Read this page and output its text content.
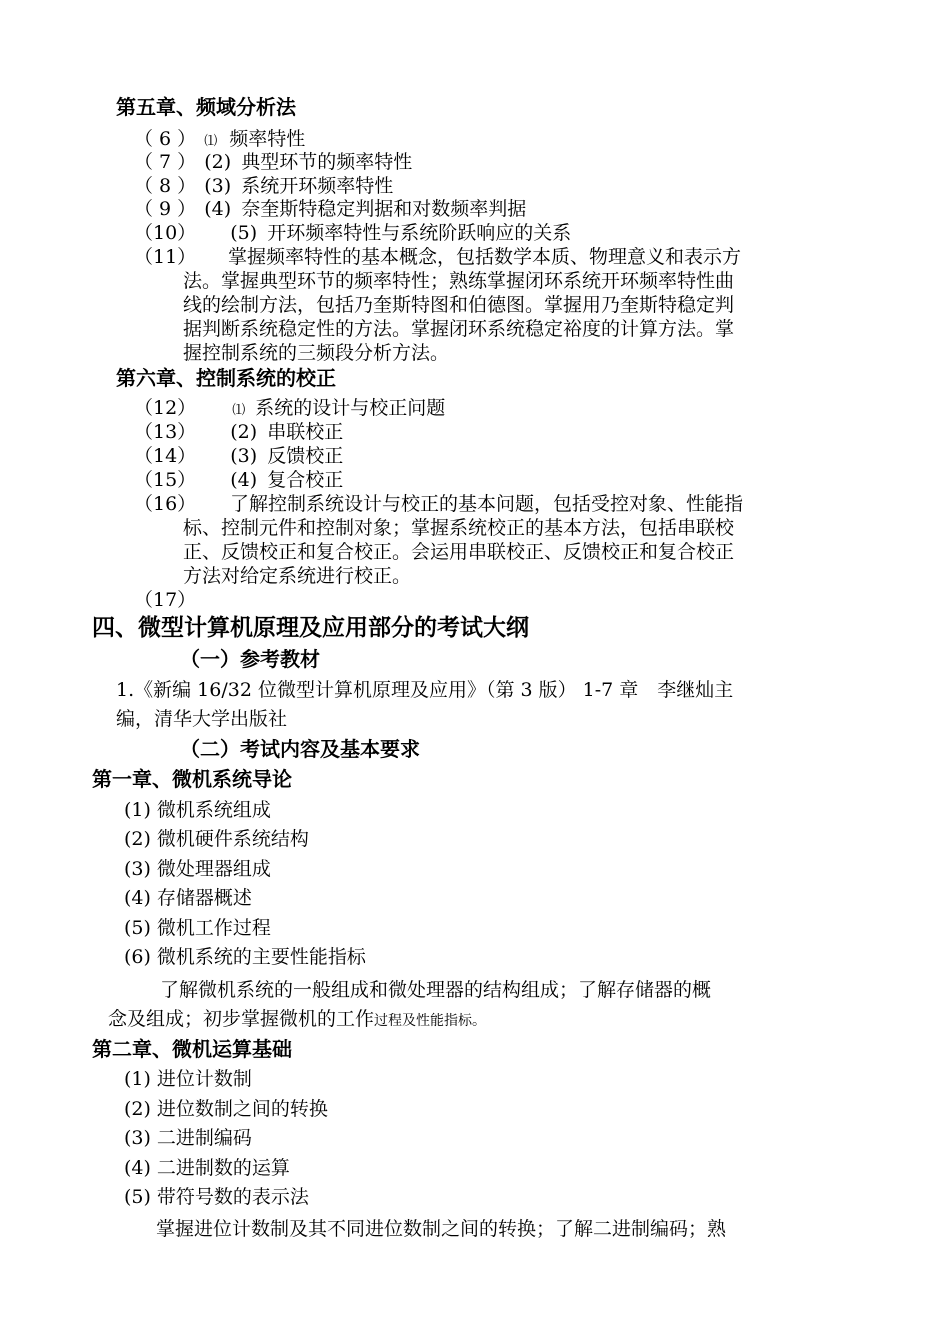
第五章、频域分析法
（ 6 ） ⑴ 频率特性
（ 7 ） (2) 典型环节的频率特性
（ 8 ） (3) 系统开环频率特性
（ 9 ） (4) 奈奎斯特稳定判据和对数频率判据
（10） (5) 开环频率特性与系统阶跃响应的关系
（11） 掌握频率特性的基本概念，包括数学本质、物理意义和表示方
法。掌握典型环节的频率特性；熟练掌握闭环系统开环频率特性曲
线的绘制方法，包括乃奎斯特图和伯德图。掌握用乃奎斯特稳定判
据判断系统稳定性的方法。掌握闭环系统稳定裕度的计算方法。掌
握控制系统的三频段分析方法。
第六章、控制系统的校正
（12）	⑴ 系统的设计与校正问题
（13） (2) 串联校正
（14） (3) 反馈校正
（15） (4) 复合校正
（16） 了解控制系统设计与校正的基本问题，包括受控对象、性能指
标、控制元件和控制对象；掌握系统校正的基本方法，包括串联校
正、反馈校正和复合校正。会运用串联校正、反馈校正和复合校正
方法对给定系统进行校正。
（17）
四、微型计算机原理及应用部分的考试大纲
（一）参考教材
1.《新编 16/32 位微型计算机原理及应用》（第 3 版） 1-7 章　李继灿主
编，清华大学出版社
（二）考试内容及基本要求
第一章、微机系统导论
(1) 微机系统组成
(2) 微机硬件系统结构
(3) 微处理器组成
(4) 存储器概述
(5) 微机工作过程
(6) 微机系统的主要性能指标
了解微机系统的一般组成和微处理器的结构组成；了解存储器的概
念及组成；初步掌握微机的工作过程及性能指标。
第二章、微机运算基础
(1) 进位计数制
(2) 进位数制之间的转换
(3) 二进制编码
(4) 二进制数的运算
(5) 带符号数的表示法
掌握进位计数制及其不同进位数制之间的转换；了解二进制编码；熟
